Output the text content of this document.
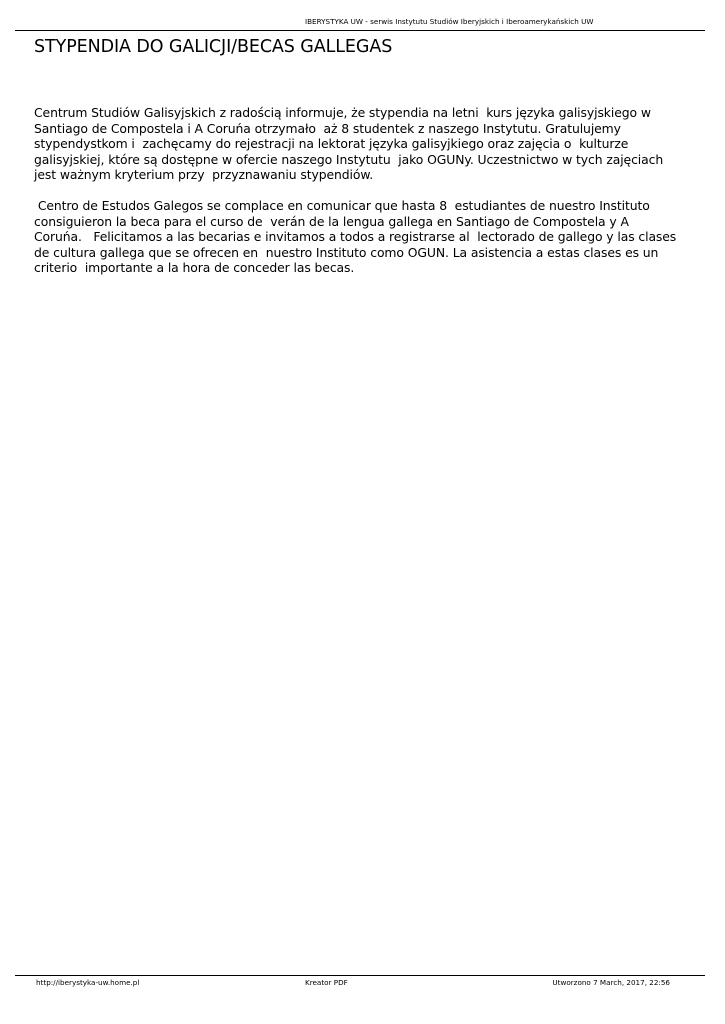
IBERYSTYKA UW - serwis Instytutu Studiów Iberyjskich i Iberoamerykańskich UW
STYPENDIA DO GALICJI/BECAS GALLEGAS

Centrum Studiów Galisyjskich z radością informuje, że stypendia na letni  kurs języka galisyjskiego w
Santiago de Compostela i A Coruńa otrzymało  aż 8 studentek z naszego Instytutu. Gratulujemy
stypendystkom i  zachęcamy do rejestracji na lektorat języka galisyjkiego oraz zajęcia o  kulturze
galisyjskiej, które są dostępne w ofercie naszego Instytutu  jako OGUNy. Uczestnictwo w tych zajęciach
jest ważnym kryterium przy  przyznawaniu stypendiów.

Centro de Estudos Galegos se complace en comunicar que hasta 8  estudiantes de nuestro Instituto
consiguieron la beca para el curso de  verán de la lengua gallega en Santiago de Compostela y A
Coruńa.   Felicitamos a las becarias e invitamos a todos a registrarse al  lectorado de gallego y las clases
de cultura gallega que se ofrecen en  nuestro Instituto como OGUN. La asistencia a estas clases es un
criterio  importante a la hora de conceder las becas.

http://iberystyka-uw.home.pl	Kreator PDF	Utworzono 7 March, 2017, 22:56
